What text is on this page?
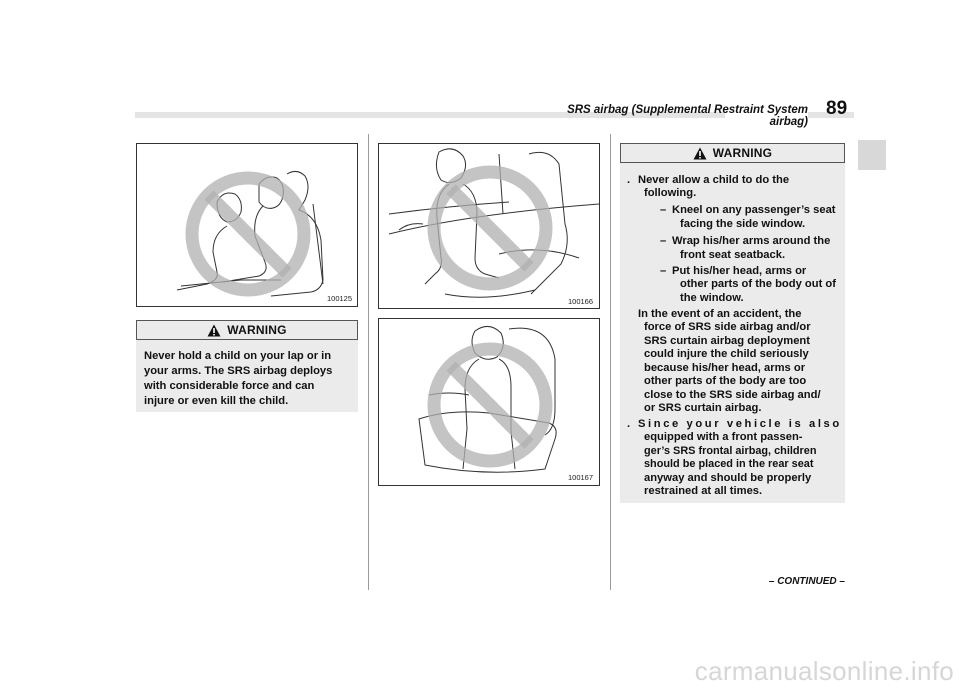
SRS airbag (Supplemental Restraint System airbag)
89
100125
WARNING
Never hold a child on your lap or in
your arms. The SRS airbag deploys
with considerable force and can
injure or even kill the child.
100166
100167
WARNING
. Never allow a child to do the
following.
– Kneel on any passenger’s seat
facing the side window.
– Wrap his/her arms around the
front seat seatback.
– Put his/her head, arms or
other parts of the body out of
the window.
In the event of an accident, the
force of SRS side airbag and/or
SRS curtain airbag deployment
could injure the child seriously
because his/her head, arms or
other parts of the body are too
close to the SRS side airbag and/
or SRS curtain airbag.
. Since your vehicle is also
equipped with a front passen-
ger’s SRS frontal airbag, children
should be placed in the rear seat
anyway and should be properly
restrained at all times.
– CONTINUED –
carmanualsonline.info
